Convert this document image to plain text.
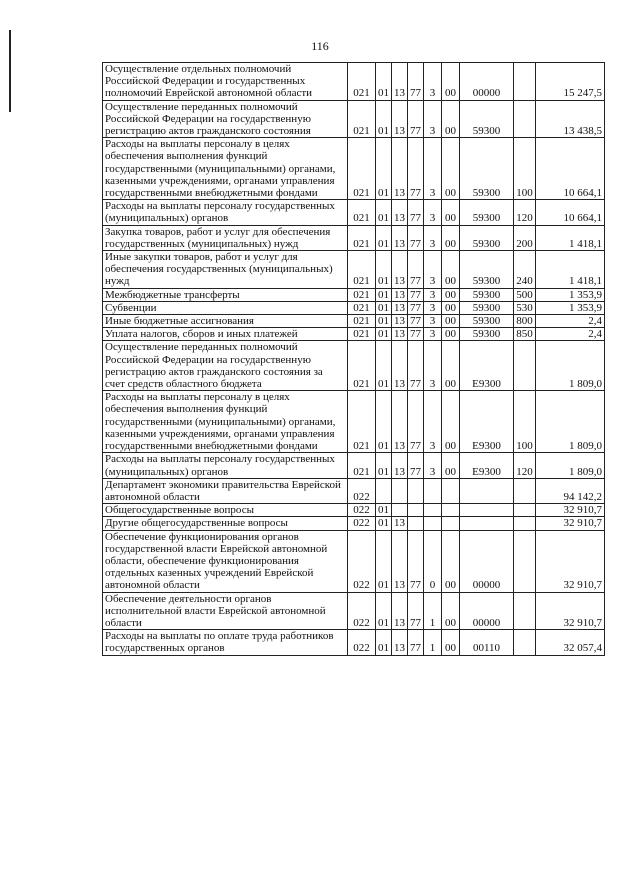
116
Осуществление отдельных полномочий Российской Федерации и государственных полномочий Еврейской автономной области	021	01	13	77	3	00	00000		15 247,5
Осуществление переданных полномочий Российской Федерации на государственную регистрацию актов гражданского состояния	021	01	13	77	3	00	59300		13 438,5
Расходы на выплаты персоналу в целях обеспечения выполнения функций государственными (муниципальными) органами, казенными учреждениями, органами управления государственными внебюджетными фондами	021	01	13	77	3	00	59300	100	10 664,1
Расходы на выплаты персоналу государственных (муниципальных) органов	021	01	13	77	3	00	59300	120	10 664,1
Закупка товаров, работ и услуг для обеспечения государственных (муниципальных) нужд	021	01	13	77	3	00	59300	200	1 418,1
Иные закупки товаров, работ и услуг для обеспечения государственных (муниципальных) нужд	021	01	13	77	3	00	59300	240	1 418,1
Межбюджетные трансферты	021	01	13	77	3	00	59300	500	1 353,9
Субвенции	021	01	13	77	3	00	59300	530	1 353,9
Иные бюджетные ассигнования	021	01	13	77	3	00	59300	800	2,4
Уплата налогов, сборов и иных платежей	021	01	13	77	3	00	59300	850	2,4
Осуществление переданных полномочий Российской Федерации на государственную регистрацию актов гражданского состояния за счет средств областного бюджета	021	01	13	77	3	00	E9300		1 809,0
Расходы на выплаты персоналу в целях обеспечения выполнения функций государственными (муниципальными) органами, казенными учреждениями, органами управления государственными внебюджетными фондами	021	01	13	77	3	00	E9300	100	1 809,0
Расходы на выплаты персоналу государственных (муниципальных) органов	021	01	13	77	3	00	E9300	120	1 809,0
Департамент экономики правительства Еврейской автономной области	022								94 142,2
Общегосударственные вопросы	022	01							32 910,7
Другие общегосударственные вопросы	022	01	13						32 910,7
Обеспечение функционирования органов государственной власти Еврейской автономной области, обеспечение функционирования отдельных казенных учреждений Еврейской автономной области	022	01	13	77	0	00	00000		32 910,7
Обеспечение деятельности органов исполнительной власти Еврейской автономной области	022	01	13	77	1	00	00000		32 910,7
Расходы на выплаты по оплате труда работников государственных органов	022	01	13	77	1	00	00110		32 057,4
